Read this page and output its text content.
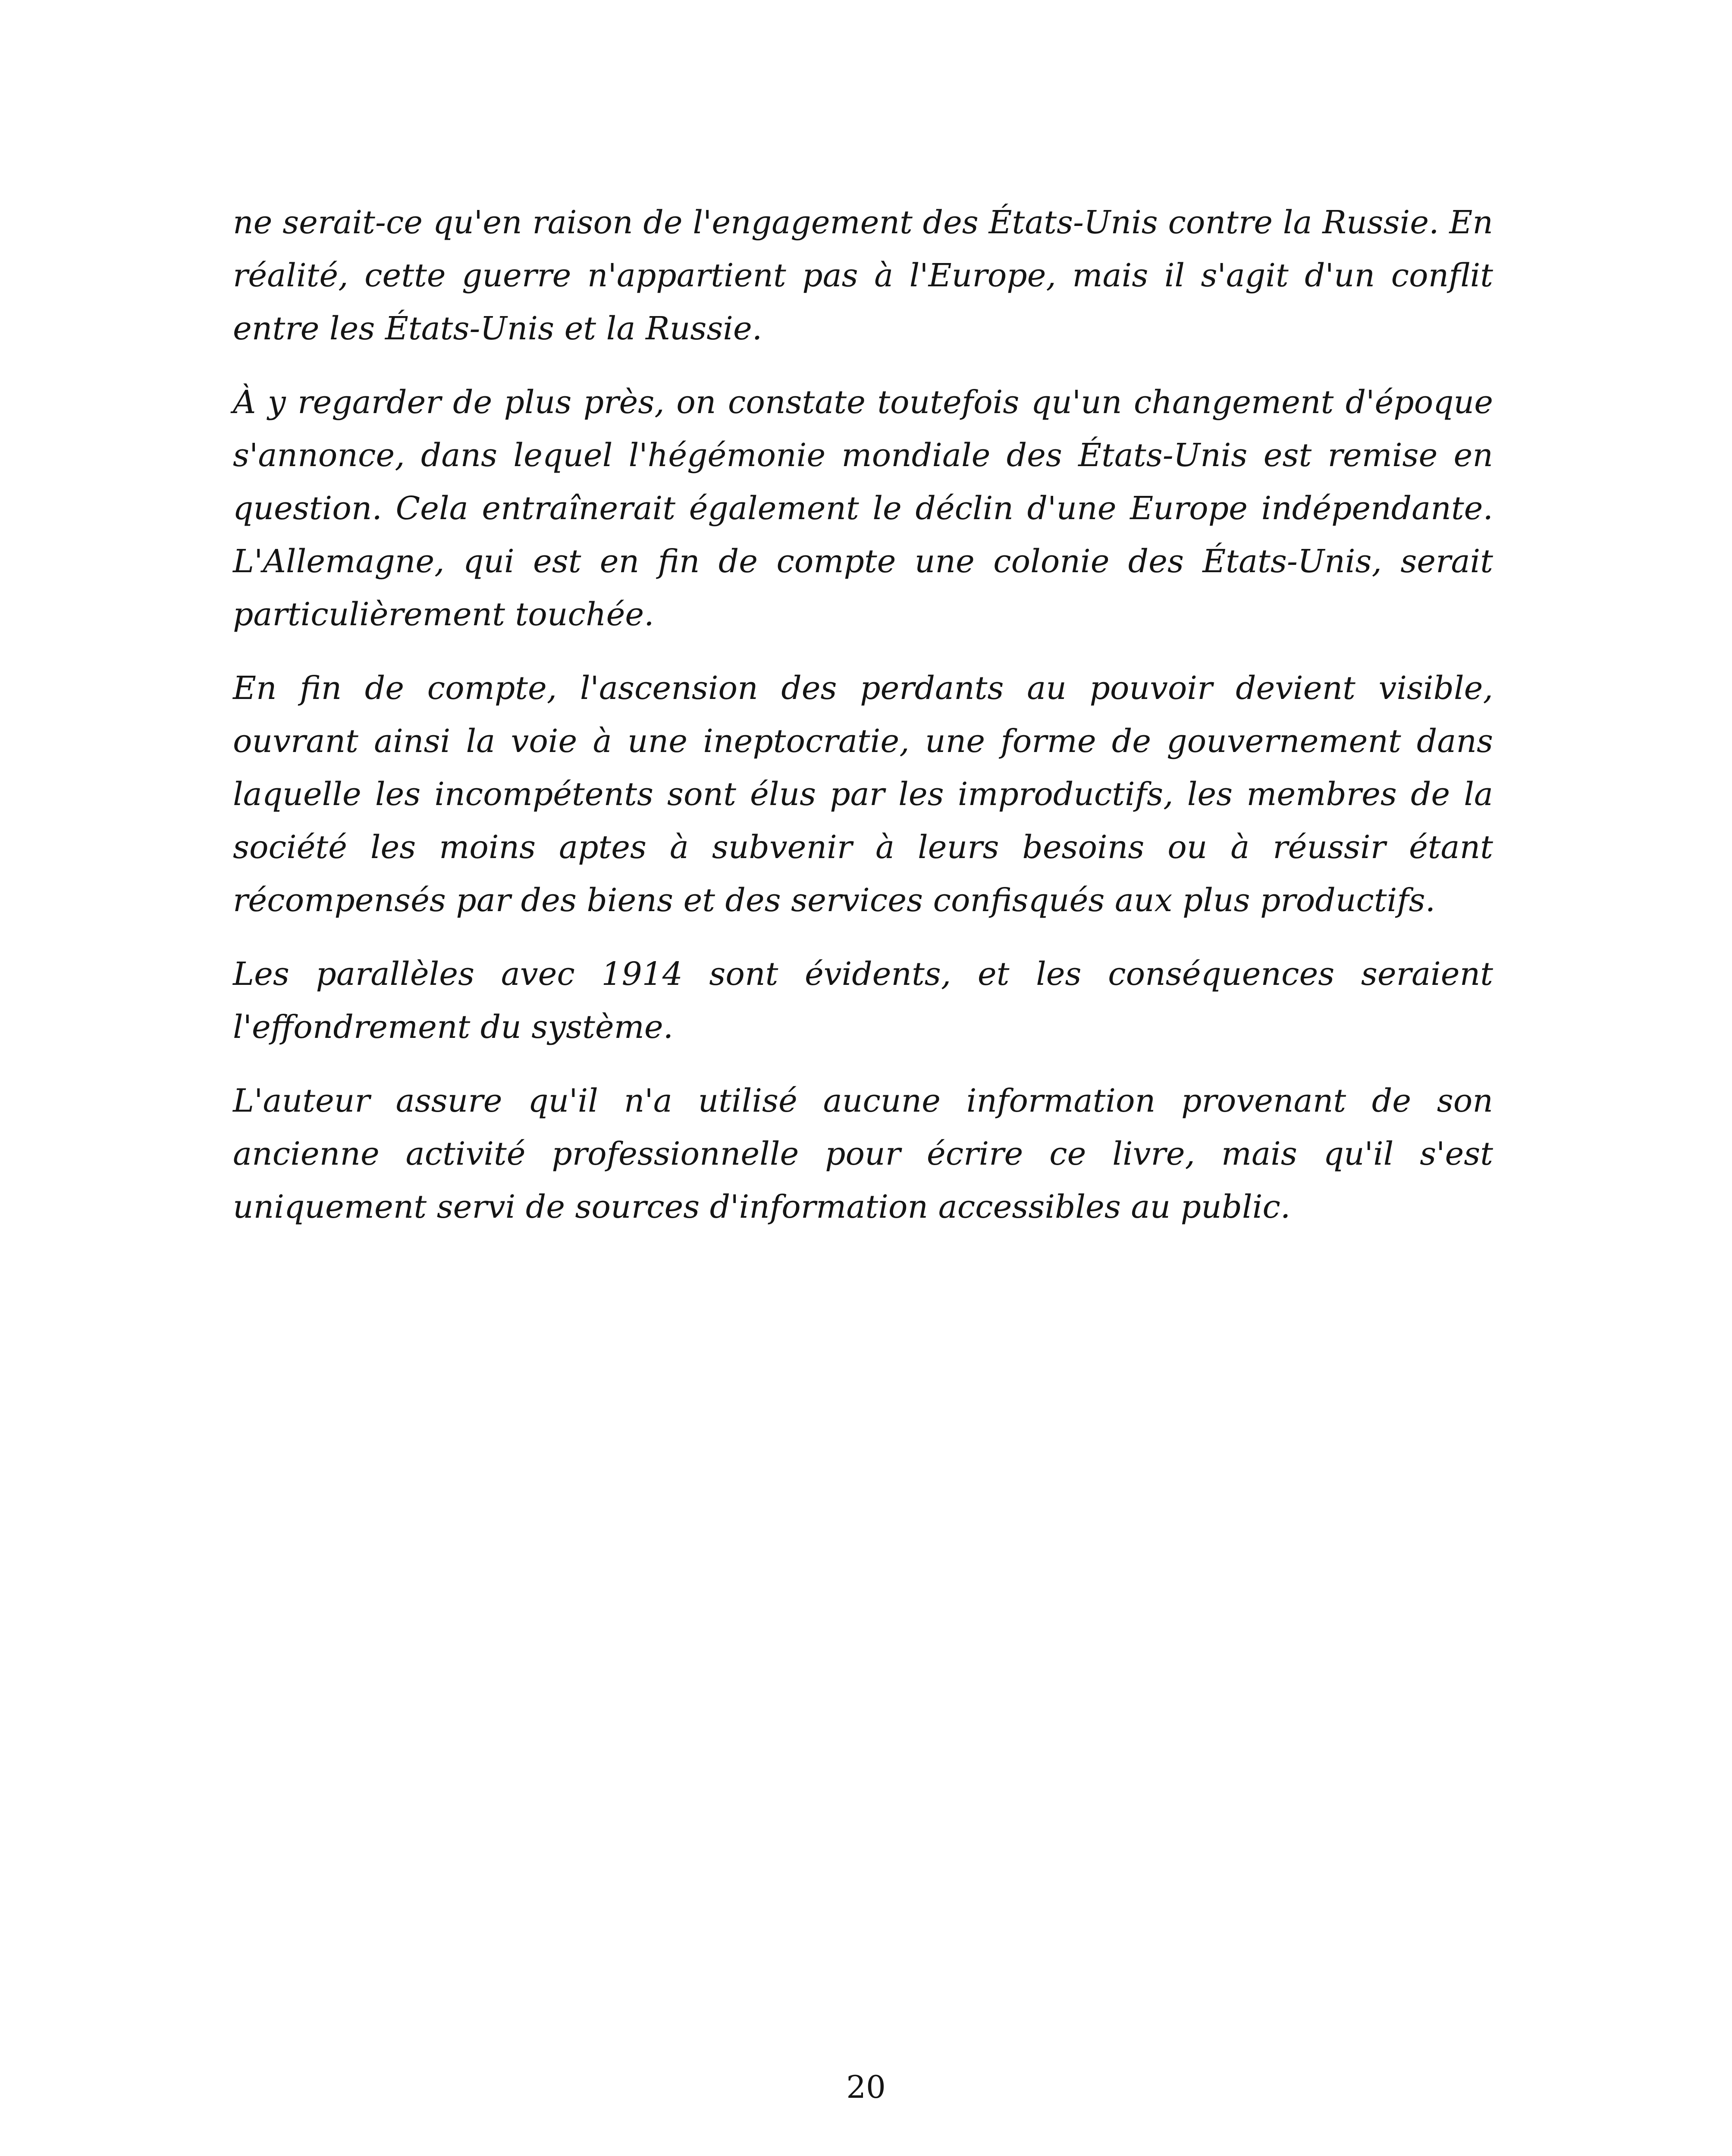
ne serait-ce qu'en raison de l'engagement des États-Unis contre la Russie. En réalité, cette guerre n'appartient pas à l'Europe, mais il s'agit d'un conflit entre les États-Unis et la Russie.

À y regarder de plus près, on constate toutefois qu'un changement d'époque s'annonce, dans lequel l'hégémonie mondiale des États-Unis est remise en question. Cela entraînerait également le déclin d'une Europe indépendante. L'Allemagne, qui est en fin de compte une colonie des États-Unis, serait particulièrement touchée.

En fin de compte, l'ascension des perdants au pouvoir devient visible, ouvrant ainsi la voie à une ineptocratie, une forme de gouvernement dans laquelle les incompétents sont élus par les improductifs, les membres de la société les moins aptes à subvenir à leurs besoins ou à réussir étant récompensés par des biens et des services confisqués aux plus productifs.

Les parallèles avec 1914 sont évidents, et les conséquences seraient l'effondrement du système.

L'auteur assure qu'il n'a utilisé aucune information provenant de son ancienne activité professionnelle pour écrire ce livre, mais qu'il s'est uniquement servi de sources d'information accessibles au public.

20
